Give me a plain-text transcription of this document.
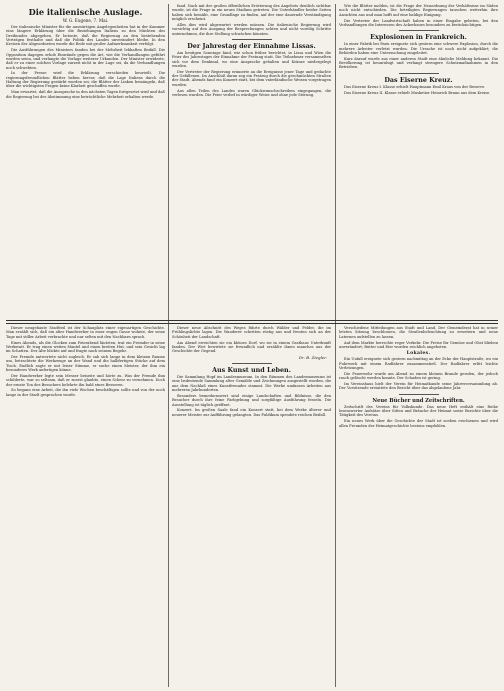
Die italienische Auslage.
W. G. Eugene, 7. Mai.

Der italienische Minister für die auswärtigen Angelegenheiten hat in der Kammer eine längere Erklärung über die Beziehungen Italiens zu den Mächten des Dreibundes abgegeben. Er betonte, daß die Regierung an den bestehenden Verträgen festhalte und daß die Politik des Landes unverändert bleibe. In den Kreisen der Abgeordneten wurde die Rede mit großer Aufmerksamkeit verfolgt.

Die Ausführungen des Ministers fanden bei der Mehrheit lebhaften Beifall. Die Opposition dagegen erhob Einwände gegen die Art, wie die Verhandlungen geführt worden seien, und verlangte die Vorlage weiterer Urkunden. Der Minister erwiderte, daß er zu einer solchen Vorlage zurzeit nicht in der Lage sei, da die Verhandlungen noch schwebten.

In der Presse wird die Erklärung verschieden beurteilt. Die regierungsfreundlichen Blätter heben hervor, daß die Lage Italiens durch die Haltung der Regierung gestärkt worden sei; die Blätter der Linken bemängeln, daß über die wichtigsten Fragen keine Klarheit geschaffen wurde.

Man erwartet, daß die Aussprache in den nächsten Tagen fortgesetzt wird und daß die Regierung bei der Abstimmung eine beträchtliche Mehrheit erhalten werde.

fand. Nach mit der großen öffentlichen Erörterung des Angebots deutlich sichtbar wurde, ist die Frage in ein neues Stadium getreten. Die Unterhändler beider Seiten haben sich bemüht, eine Grundlage zu finden, auf der eine dauernde Verständigung möglich erscheint.

Alles dies wird abgewartet werden müssen. Die italienische Regierung wird vorsichtig auf den Ausgang der Besprechungen achten und nicht voreilig Schritte unternehmen, die ihre Stellung schwächen könnten.

Der Jahrestag der Einnahme Lissas.

Am heutigen Sonntage fand, wie schon früher berichtet, in Lissa und Wien die Feier des Jahrestages der Einnahme der Festung statt. Die Teilnehmer versammelten sich vor dem Denkmal, wo eine Ansprache gehalten und Kränze niedergelegt wurden.

Der Vertreter der Regierung erinnerte an die Ereignisse jener Tage und gedachte der Gefallenen. Im Anschluß daran zog ein Festzug durch die geschmückten Straßen der Stadt. Abends fand ein Konzert statt, bei dem vaterländische Weisen vorgetragen wurden.

Aus allen Teilen des Landes waren Glückwunschschreiben eingegangen, die verlesen wurden. Die Feier verlief in würdiger Weise und ohne jede Störung.

Wie die Blätter melden, ist die Frage der Neuordnung der Verhältnisse im Süden noch nicht entschieden. Die beteiligten Regierungen tauschen weiterhin ihre Ansichten aus und man hofft auf eine baldige Einigung.

Die Vertreter der Landwirtschaft haben in einer Eingabe gebeten, bei den Verhandlungen die Interessen des Ackerbaues besonders zu berücksichtigen.

Explosionen in Frankreich.

In einer Fabrik bei Paris ereignete sich gestern eine schwere Explosion, durch die mehrere Arbeiter verletzt wurden. Die Ursache ist noch nicht aufgeklärt; die Behörden haben eine Untersuchung eingeleitet.

Kurz darauf wurde aus einer anderen Stadt eine ähnliche Meldung bekannt. Die Bevölkerung ist beunruhigt und verlangt strengere Schutzmaßnahmen in den Betrieben.

Das Eiserne Kreuz.

Das Eiserne Kreuz I. Klasse erhielt Hauptmann Emil Kraus von der Reserve.

Das Eiserne Kreuz II. Klasse erhielt Musketier Heinrich Braun aus dem Kreise.

Dieser neugebaute Stadtteil ist der Schauplatz einer eigenartigen Geschichte. Man erzählt sich, daß ein alter Handwerker in einer engen Gasse wohnte, der seine Tage mit stiller Arbeit verbrachte und nur selten mit den Nachbarn sprach.

Eines Abends, als die Glocken zum Feierabend läuteten, trat ein Fremder in seine Werkstatt. Er trug einen weiten Mantel und einen breiten Hut, und sein Gesicht lag im Schatten. Der Alte blickte auf und fragte nach seinem Begehr.

Der Fremde antwortete nicht sogleich. Er sah sich lange in dem kleinen Raume um, betrachtete die Werkzeuge an der Wand und die halbfertigen Stücke auf dem Tisch. Endlich sagte er mit leiser Stimme, er suche einen Meister, der ihm ein besonderes Werk anfertigen könne.

Der Handwerker legte sein Messer beiseite und hörte zu. Was der Fremde ihm schilderte, war so seltsam, daß er zuerst glaubte, einen Scherz zu vernehmen. Doch der ernste Ton des Besuchers belehrte ihn bald eines Besseren.

So begann eine Arbeit, die ihn viele Wochen beschäftigen sollte und von der noch lange in der Stadt gesprochen wurde.

Dieser neue Abschnitt des Weges führte durch Wälder und Felder, die im Frühlingslichte lagen. Die Wanderer schritten rüstig aus und freuten sich an der Schönheit der Landschaft.

Am Abend erreichten sie ein kleines Dorf, wo sie in einem Gasthaus Unterkunft fanden. Der Wirt bewirtete sie freundlich und erzählte ihnen manches aus der Geschichte der Gegend.

Dr. B. Ziegler.
Aus Kunst und Leben.

Die Sammlung Hopf im Landesmuseum. In den Räumen des Landesmuseums ist eine bedeutende Sammlung alter Gemälde und Zeichnungen ausgestellt worden, die aus dem Nachlaß eines Kunstfreundes stammt. Die Werke umfassen Arbeiten aus mehreren Jahrhunderten.

Besonders bemerkenswert sind einige Landschaften und Bildnisse, die den Besucher durch ihre feine Farbgebung und sorgfältige Ausführung fesseln. Die Ausstellung ist täglich geöffnet.

Konzert. Im großen Saale fand ein Konzert statt, bei dem Werke älterer und neuerer Meister zur Aufführung gelangten. Das Publikum spendete reichen Beifall.

Verschiedene Mitteilungen aus Stadt und Land. Der Gemeinderat hat in seiner letzten Sitzung beschlossen, die Straßenbeleuchtung zu erweitern und neue Laternen aufstellen zu lassen.

Auf dem Markte herrschte reger Verkehr. Die Preise für Gemüse und Obst blieben unverändert; Butter und Eier wurden reichlich angeboten.

Lokales.

Ein Unfall ereignete sich gestern nachmittag an der Ecke der Hauptstraße, wo ein Fuhrwerk mit einem Radfahrer zusammenstieß. Der Radfahrer erlitt leichte Verletzungen.

Die Feuerwehr wurde am Abend zu einem kleinen Brande gerufen, der jedoch rasch gelöscht werden konnte. Der Schaden ist gering.

Im Vereinshaus hielt der Verein für Heimatkunde seine Jahresversammlung ab. Der Vorsitzende erstattete den Bericht über das abgelaufene Jahr.

Neue Bücher und Zeitschriften.

Zeitschrift des Vereins für Volkskunde. Das neue Heft enthält eine Reihe lesenswerter Aufsätze über Sitten und Bräuche der Heimat sowie Berichte über die Tätigkeit des Vereins.

Ein neues Werk über die Geschichte der Stadt ist soeben erschienen und wird allen Freunden der Heimatgeschichte bestens empfohlen.
